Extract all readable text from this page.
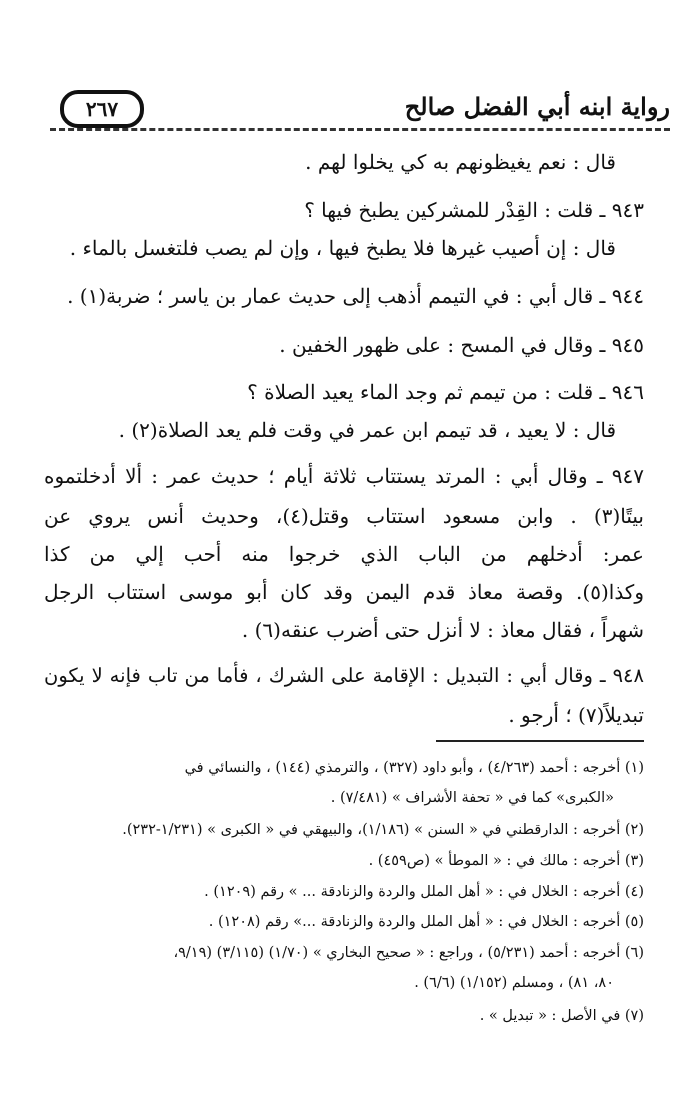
رواية ابنه أبي الفضل صالح
٢٦٧
قال : نعم يغيظونهم به كي يخلوا لهم .
٩٤٣ ـ قلت : القِدْر للمشركين يطبخ فيها ؟
قال : إن أصيب غيرها فلا يطبخ فيها ، وإن لم يصب فلتغسل بالماء .
٩٤٤ ـ قال أبي : في التيمم أذهب إلى حديث عمار بن ياسر ؛ ضربة(١) .
٩٤٥ ـ وقال في المسح : على ظهور الخفين .
٩٤٦ ـ قلت : من تيمم ثم وجد الماء يعيد الصلاة ؟
قال : لا يعيد ، قد تيمم ابن عمر في وقت فلم يعد الصلاة(٢) .
٩٤٧ ـ وقال أبي : المرتد يستتاب ثلاثة أيام ؛ حديث عمر : ألا أدخلتموه
بيتًا(٣) . وابن مسعود استتاب وقتل(٤)، وحديث أنس يروي عن
عمر: أدخلهم من الباب الذي خرجوا منه أحب إلي من كذا
وكذا(٥). وقصة معاذ قدم اليمن وقد كان أبو موسى استتاب الرجل
شهراً ، فقال معاذ : لا أنزل حتى أضرب عنقه(٦) .
٩٤٨ ـ وقال أبي : التبديل : الإقامة على الشرك ، فأما من تاب فإنه لا يكون
تبديلاً(٧) ؛ أرجو .
(١) أخرجه : أحمد (٤/٢٦٣) ، وأبو داود (٣٢٧) ، والترمذي (١٤٤) ، والنسائي في
«الكبرى» كما في « تحفة الأشراف » (٧/٤٨١) .
(٢) أخرجه : الدارقطني في « السنن » (١/١٨٦)، والبيهقي في « الكبرى » (١/٢٣١-٢٣٢).
(٣) أخرجه : مالك في : « الموطأ » (ص٤٥٩) .
(٤) أخرجه : الخلال في : « أهل الملل والردة والزنادقة ... » رقم (١٢٠٩) .
(٥) أخرجه : الخلال في : « أهل الملل والردة والزنادقة ...» رقم (١٢٠٨) .
(٦) أخرجه : أحمد (٥/٢٣١) ، وراجع : « صحيح البخاري » (١/٧٠) (٣/١١٥) (٩/١٩،
٨٠، ٨١) ، ومسلم (١/١٥٢) (٦/٦) .
(٧) في الأصل : « تبديل » .
